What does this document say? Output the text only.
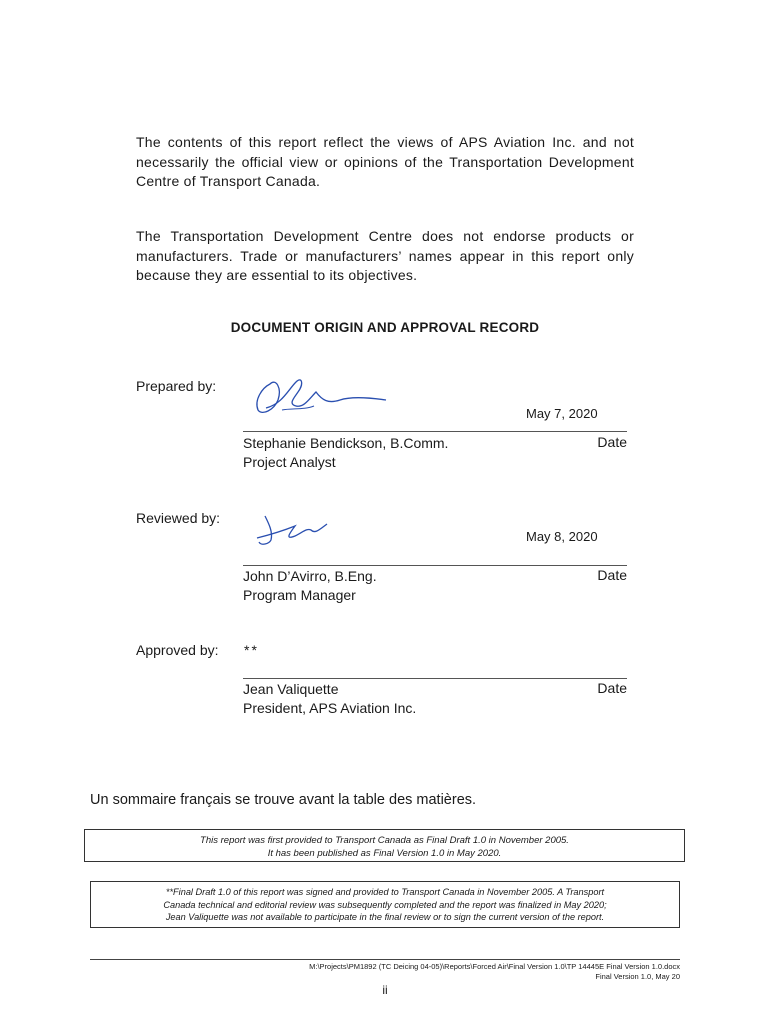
The contents of this report reflect the views of APS Aviation Inc. and not necessarily the official view or opinions of the Transportation Development Centre of Transport Canada.

The Transportation Development Centre does not endorse products or manufacturers. Trade or manufacturers’ names appear in this report only because they are essential to its objectives.

DOCUMENT ORIGIN AND APPROVAL RECORD
Prepared by:
May 7, 2020
Stephanie Bendickson, B.Comm.
Project Analyst
Date
Reviewed by:
May 8, 2020
John D’Avirro, B.Eng.
Program Manager
Date
Approved by: **
Jean Valiquette
President, APS Aviation Inc.
Date
Un sommaire français se trouve avant la table des matières.
This report was first provided to Transport Canada as Final Draft 1.0 in November 2005.
It has been published as Final Version 1.0 in May 2020.
**Final Draft 1.0 of this report was signed and provided to Transport Canada in November 2005. A Transport
Canada technical and editorial review was subsequently completed and the report was finalized in May 2020;
Jean Valiquette was not available to participate in the final review or to sign the current version of the report.
M:\Projects\PM1892 (TC Deicing 04-05)\Reports\Forced Air\Final Version 1.0\TP 14445E Final Version 1.0.docx
Final Version 1.0, May 20
ii
